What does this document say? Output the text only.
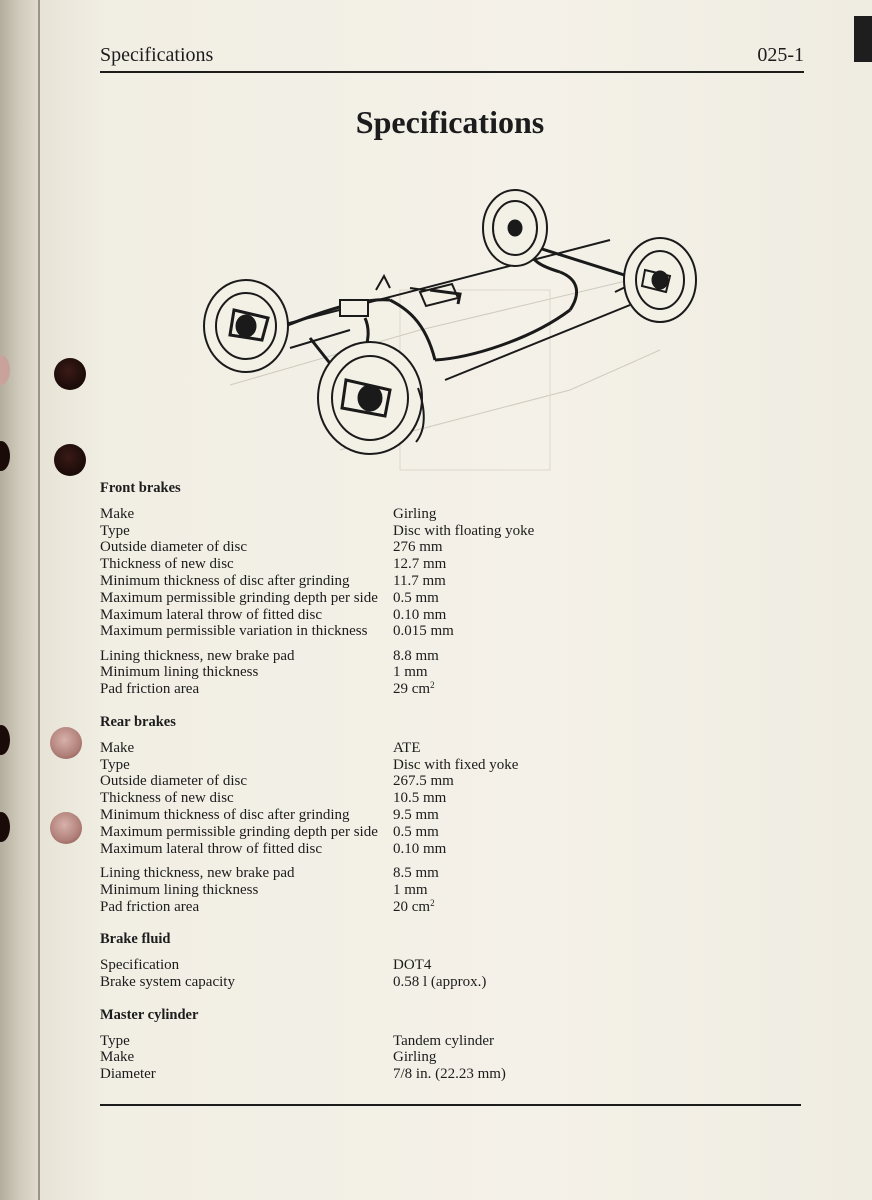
Specifications	025-1
Specifications
Front brakes
Make	Girling
Type	Disc with floating yoke
Outside diameter of disc	276 mm
Thickness of new disc	12.7 mm
Minimum thickness of disc after grinding	11.7 mm
Maximum permissible grinding depth per side	0.5 mm
Maximum lateral throw of fitted disc	0.10 mm
Maximum permissible variation in thickness	0.015 mm
Lining thickness, new brake pad	8.8 mm
Minimum lining thickness	1 mm
Pad friction area	29 $cm^2$
Rear brakes
Make	ATE
Type	Disc with fixed yoke
Outside diameter of disc	267.5 mm
Thickness of new disc	10.5 mm
Minimum thickness of disc after grinding	9.5 mm
Maximum permissible grinding depth per side	0.5 mm
Maximum lateral throw of fitted disc	0.10 mm
Lining thickness, new brake pad	8.5 mm
Minimum lining thickness	1 mm
Pad friction area	20 $cm^2$
Brake fluid
Specification	DOT4
Brake system capacity	0.58 l (approx.)
Master cylinder
Type	Tandem cylinder
Make	Girling
Diameter	7/8 in. (22.23 mm)
